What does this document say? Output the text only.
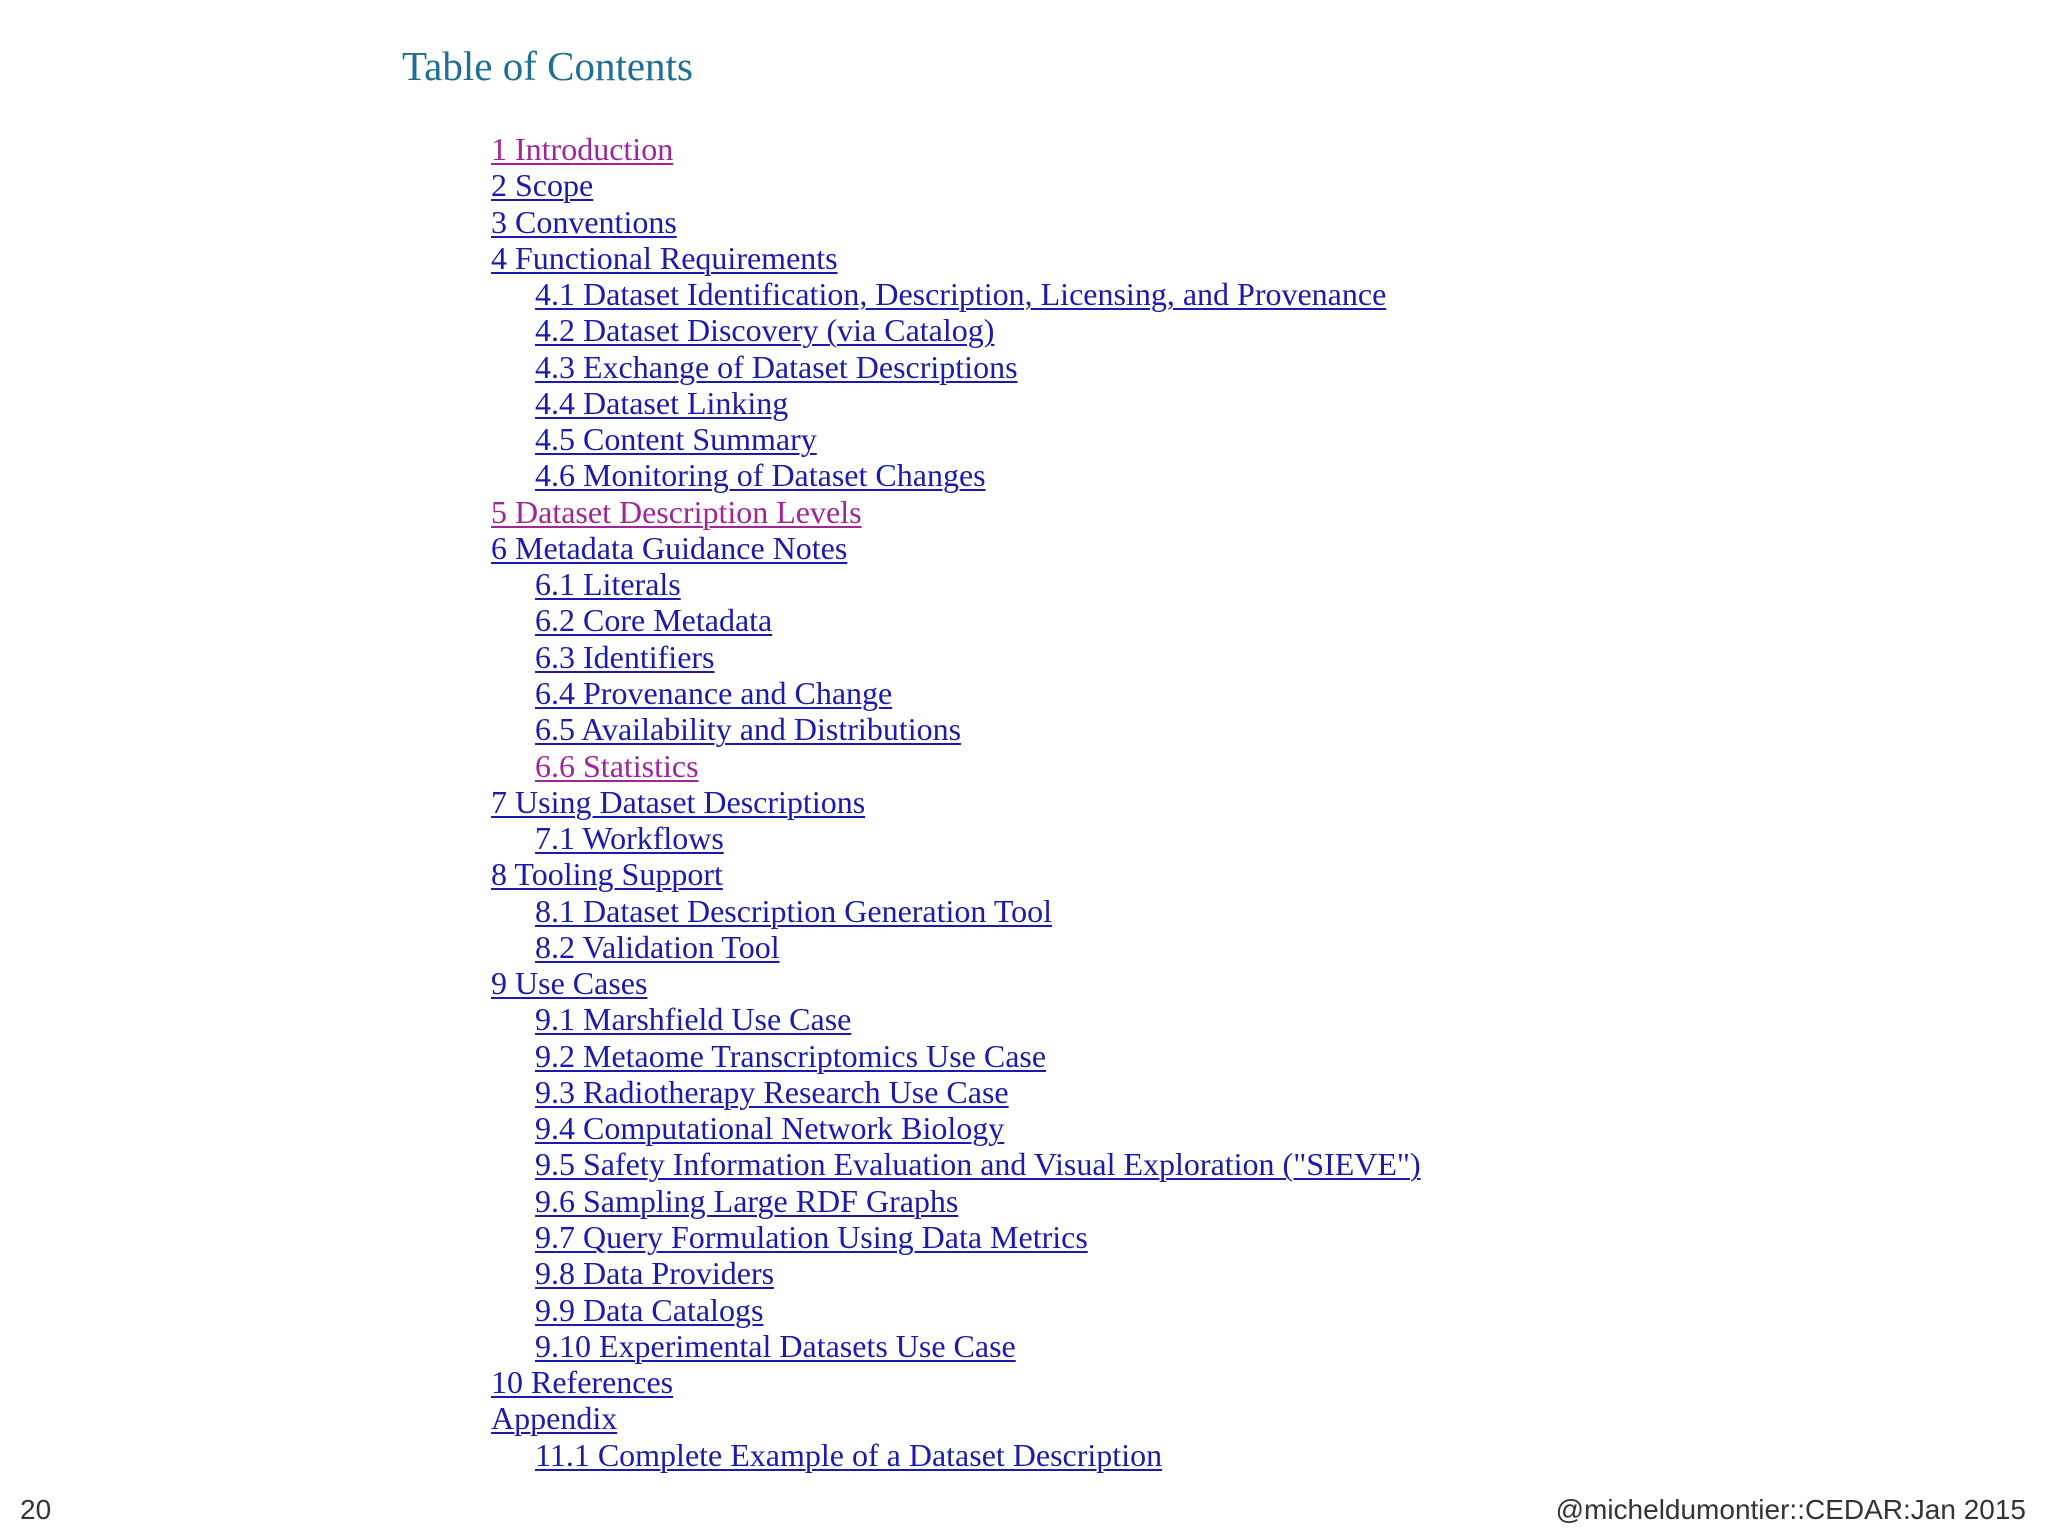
Table of Contents
1 Introduction
2 Scope
3 Conventions
4 Functional Requirements
4.1 Dataset Identification, Description, Licensing, and Provenance
4.2 Dataset Discovery (via Catalog)
4.3 Exchange of Dataset Descriptions
4.4 Dataset Linking
4.5 Content Summary
4.6 Monitoring of Dataset Changes
5 Dataset Description Levels
6 Metadata Guidance Notes
6.1 Literals
6.2 Core Metadata
6.3 Identifiers
6.4 Provenance and Change
6.5 Availability and Distributions
6.6 Statistics
7 Using Dataset Descriptions
7.1 Workflows
8 Tooling Support
8.1 Dataset Description Generation Tool
8.2 Validation Tool
9 Use Cases
9.1 Marshfield Use Case
9.2 Metaome Transcriptomics Use Case
9.3 Radiotherapy Research Use Case
9.4 Computational Network Biology
9.5 Safety Information Evaluation and Visual Exploration ("SIEVE")
9.6 Sampling Large RDF Graphs
9.7 Query Formulation Using Data Metrics
9.8 Data Providers
9.9 Data Catalogs
9.10 Experimental Datasets Use Case
10 References
Appendix
11.1 Complete Example of a Dataset Description
20	@micheldumontier::CEDAR:Jan 2015
